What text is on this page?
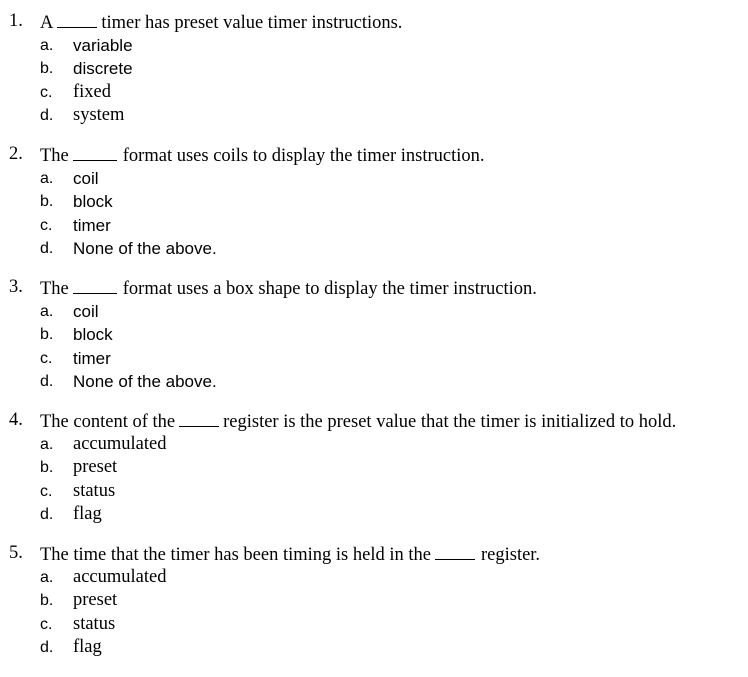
1. A	timer has preset value timer instructions.
a. variable
b. discrete
c. fixed
d. system
2. The	format uses coils to display the timer instruction.
a. coil
b. block
c. timer
d. None of the above.
3. The	format uses a box shape to display the timer instruction.
a. coil
b. block
c. timer
d. None of the above.
4. The content of the	register is the preset value that the timer is initialized to hold.
a. accumulated
b. preset
c. status
d. flag
5. The time that the timer has been timing is held in the	register.
a. accumulated
b. preset
c. status
d. flag
